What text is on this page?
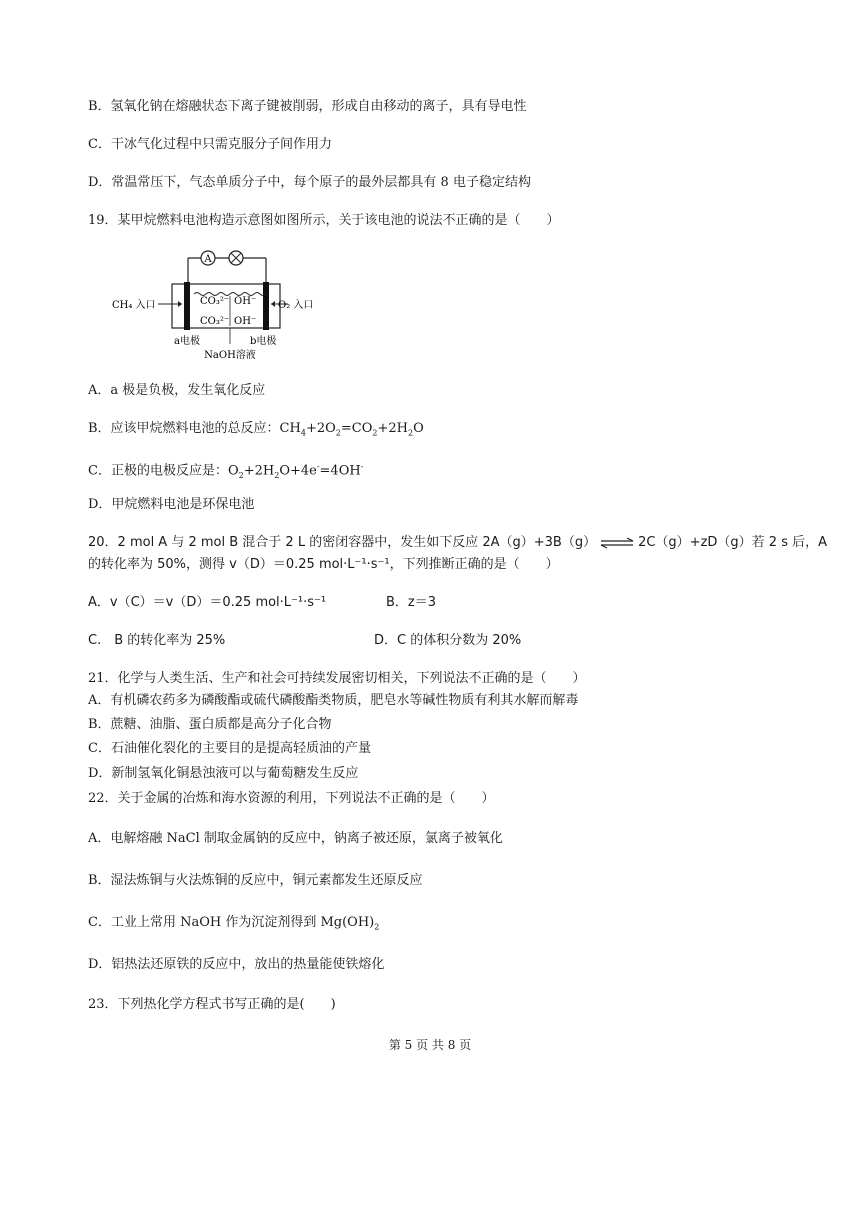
B．氢氧化钠在熔融状态下离子键被削弱，形成自由移动的离子，具有导电性
C．干冰气化过程中只需克服分子间作用力
D．常温常压下，气态单质分子中，每个原子的最外层都具有 8 电子稳定结构
19．某甲烷燃料电池构造示意图如图所示，关于该电池的说法不正确的是（　　）
A
CO₃²⁻ OH⁻
CO₃²⁻ OH⁻
CH₄ 入口	O₂ 入口
a电极	b电极
NaOH溶液
A．a 极是负极，发生氧化反应
B．应该甲烷燃料电池的总反应：$CH_4+2O_2=CO_2+2H_2O$
C．正极的电极反应是：$O_2+2H_2O+4e^-=4OH^-$
D．甲烷燃料电池是环保电池
20．2 mol A 与 2 mol B 混合于 2 L 的密闭容器中，发生如下反应 2A（g）+3B（g） ⇌ 2C（g）+zD（g）若 2 s 后，A
的转化率为 50%，测得 v（D）＝0.25 mol·L⁻¹·s⁻¹，下列推断正确的是（　　）
A．v（C）＝v（D）＝0.25 mol·L⁻¹·s⁻¹	B．z＝3
C.　B 的转化率为 25%	D．C 的体积分数为 20%
21．化学与人类生活、生产和社会可持续发展密切相关，下列说法不正确的是（　　）
A．有机磷农药多为磷酸酯或硫代磷酸酯类物质，肥皂水等碱性物质有利其水解而解毒
B．蔗糖、油脂、蛋白质都是高分子化合物
C．石油催化裂化的主要目的是提高轻质油的产量
D．新制氢氧化铜悬浊液可以与葡萄糖发生反应
22．关于金属的冶炼和海水资源的利用，下列说法不正确的是（　　）
A．电解熔融 NaCl 制取金属钠的反应中，钠离子被还原，氯离子被氧化
B．湿法炼铜与火法炼铜的反应中，铜元素都发生还原反应
C．工业上常用 NaOH 作为沉淀剂得到 $Mg(OH)_2$
D．铝热法还原铁的反应中，放出的热量能使铁熔化
23．下列热化学方程式书写正确的是(　　)
第 5 页 共 8 页
